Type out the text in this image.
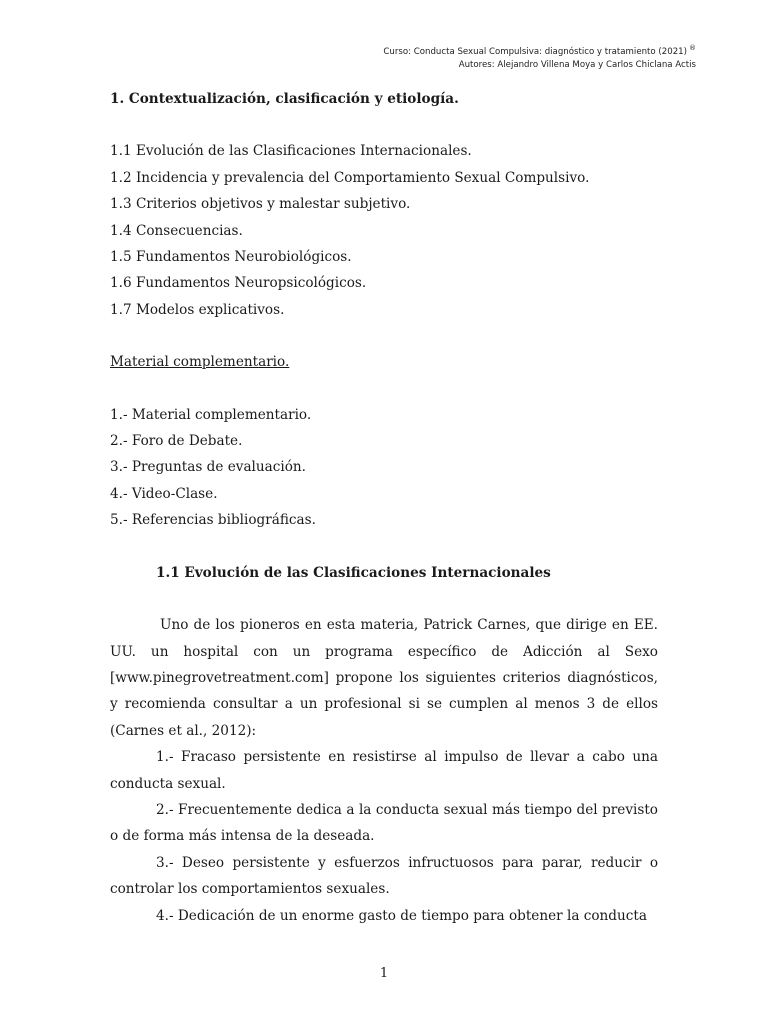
Curso: Conducta Sexual Compulsiva: diagnóstico y tratamiento (2021) ®
Autores: Alejandro Villena Moya y Carlos Chiclana Actis
1. Contextualización, clasificación y etiología.
1.1 Evolución de las Clasificaciones Internacionales.
1.2 Incidencia y prevalencia del Comportamiento Sexual Compulsivo.
1.3 Criterios objetivos y malestar subjetivo.
1.4 Consecuencias.
1.5 Fundamentos Neurobiológicos.
1.6 Fundamentos Neuropsicológicos.
1.7 Modelos explicativos.
Material complementario.
1.- Material complementario.
2.- Foro de Debate.
3.- Preguntas de evaluación.
4.- Video-Clase.
5.- Referencias bibliográficas.
1.1 Evolución de las Clasificaciones Internacionales

Uno de los pioneros en esta materia, Patrick Carnes, que dirige en EE. UU. un hospital con un programa específico de Adicción al Sexo [www.pinegrovetreatment.com] propone los siguientes criterios diagnósticos, y recomienda consultar a un profesional si se cumplen al menos 3 de ellos (Carnes et al., 2012):

1.- Fracaso persistente en resistirse al impulso de llevar a cabo una conducta sexual.

2.- Frecuentemente dedica a la conducta sexual más tiempo del previsto o de forma más intensa de la deseada.

3.- Deseo persistente y esfuerzos infructuosos para parar, reducir o controlar los comportamientos sexuales.

4.- Dedicación de un enorme gasto de tiempo para obtener la conducta

1
